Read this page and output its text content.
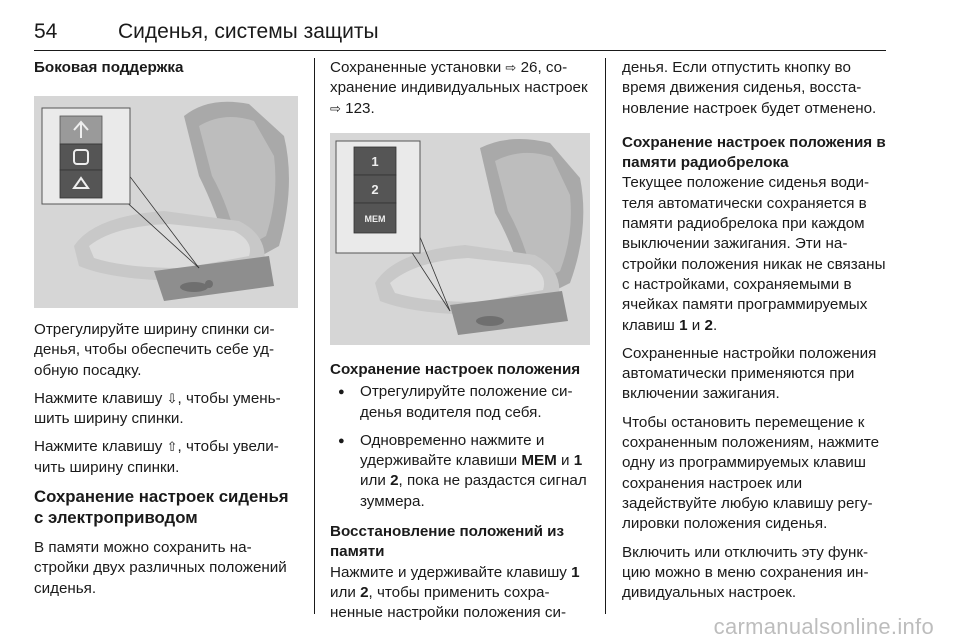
54	Сиденья, системы защиты

Боковая поддержка

Отрегулируйте ширину спинки сиденья, чтобы обеспечить себе удобную посадку.

Нажмите клавишу ⇩, чтобы уменьшить ширину спинки.

Нажмите клавишу ⇧, чтобы увеличить ширину спинки.

Сохранение настроек сиденья с электроприводом

В памяти можно сохранить настройки двух различных положений сиденья.

Сохраненные установки ⇨ 26, сохранение индивидуальных настроек ⇨ 123.

1
2
MEM

Сохранение настроек положения

● Отрегулируйте положение сиденья водителя под себя.
● Одновременно нажмите и удерживайте клавиши MEM и 1 или 2, пока не раздастся сигнал зуммера.

Восстановление положений из памяти

Нажмите и удерживайте клавишу 1 или 2, чтобы применить сохраненные настройки положения си-

денья. Если отпустить кнопку во время движения сиденья, восстановление настроек будет отменено.

Сохранение настроек положения в памяти радиобрелока

Текущее положение сиденья водителя автоматически сохраняется в памяти радиобрелока при каждом выключении зажигания. Эти настройки положения никак не связаны с настройками, сохраняемыми в ячейках памяти программируемых клавиш 1 и 2.

Сохраненные настройки положения автоматически применяются при включении зажигания.

Чтобы остановить перемещение к сохраненным положениям, нажмите одну из программируемых клавиш сохранения настроек или задействуйте любую клавишу регулировки положения сиденья.

Включить или отключить эту функцию можно в меню сохранения индивидуальных настроек.

carmanualsonline.info
